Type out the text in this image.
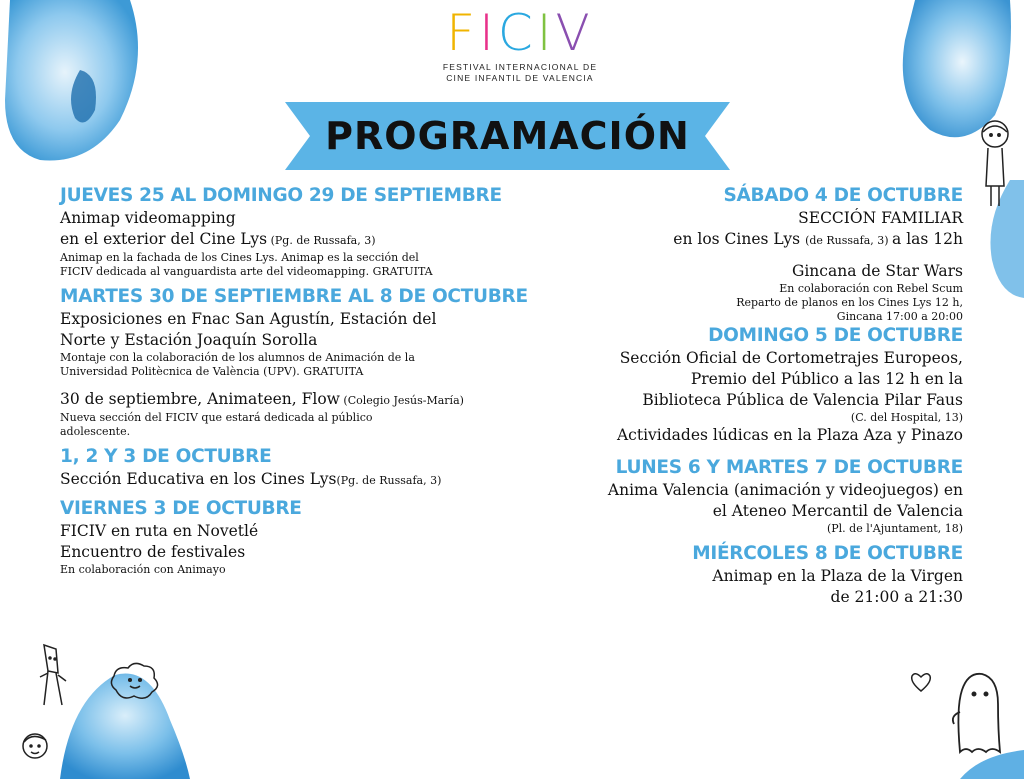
FICIV
FESTIVAL INTERNACIONAL DE
CINE INFANTIL DE VALENCIA
PROGRAMACIÓN
JUEVES 25 AL DOMINGO 29 DE SEPTIEMBRE
Animap videomapping
en el exterior del Cine Lys (Pg. de Russafa, 3)
Animap en la fachada de los Cines Lys. Animap es la sección del
FICIV dedicada al vanguardista arte del videomapping. GRATUITA
MARTES 30 DE SEPTIEMBRE AL 8 DE OCTUBRE
Exposiciones en Fnac San Agustín, Estación del
Norte y Estación Joaquín Sorolla
Montaje con la colaboración de los alumnos de Animación de la
Universidad Politècnica de València (UPV). GRATUITA
30 de septiembre, Animateen, Flow (Colegio Jesús-María)
Nueva sección del FICIV que estará dedicada al público
adolescente.
1, 2 Y 3 DE OCTUBRE
Sección Educativa en los Cines Lys(Pg. de Russafa, 3)
VIERNES 3 DE OCTUBRE
FICIV en ruta en Novetlé
Encuentro de festivales
En colaboración con Animayo
SÁBADO 4 DE OCTUBRE
SECCIÓN FAMILIAR
en los Cines Lys (de Russafa, 3) a las 12h
Gincana de Star Wars
En colaboración con Rebel Scum
Reparto de planos en los Cines Lys 12 h,
Gincana 17:00 a 20:00
DOMINGO 5 DE OCTUBRE
Sección Oficial de Cortometrajes Europeos,
Premio del Público a las 12 h en la
Biblioteca Pública de Valencia Pilar Faus
(C. del Hospital, 13)
Actividades lúdicas en la Plaza Aza y Pinazo
LUNES 6 Y MARTES 7 DE OCTUBRE
Anima Valencia (animación y videojuegos) en
el Ateneo Mercantil de Valencia
(Pl. de l'Ajuntament, 18)
MIÉRCOLES 8 DE OCTUBRE
Animap en la Plaza de la Virgen
de 21:00 a 21:30
